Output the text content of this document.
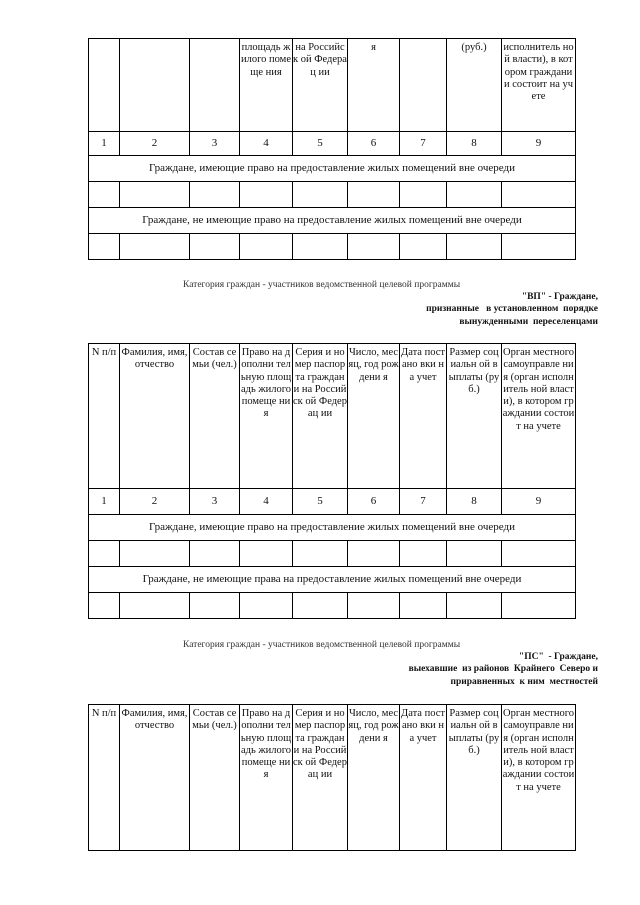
			площадь жилого помеще ния	на Российск ой Федерац ии	я		(руб.)	исполнитель ной власти), в котором граждании состоит на учете
1	2	3	4	5	6	7	8	9
Граждане, имеющие право на предоставление жилых помещений вне очереди								

Граждане, не имеющие право на предоставление жилых помещений вне очереди								

Категория граждан - участников ведомственной целевой программы
"ВП" - Граждане,
признанные   в установленном  порядке
вынужденными  переселенцами
N п/п	Фамилия, имя, отчество	Состав семьи (чел.)	Право на дополни тельную площадь жилого помеще ния	Серия и номер паспорта граждани на Российск ой Федерац ии	Число, месяц, год рождени я	Дата постано вки на учет	Размер социальн ой выплаты (руб.)	Орган местного самоуправле ния (орган исполнитель ной власти), в котором граждании состоит на учете
1	2	3	4	5	6	7	8	9
Граждане, имеющие право на предоставление жилых помещений вне очереди								

Граждане, не имеющие права на предоставление жилых помещений вне очереди								

Категория граждан - участников ведомственной целевой программы
"ПС"  - Граждане,
выехавшие  из районов  Крайнего  Северо и
приравненных  к ним  местностей
N п/п	Фамилия, имя, отчество	Состав семьи (чел.)	Право на дополни тельную площадь жилого помеще ния	Серия и номер паспорта граждани на Российск ой Федерац ии	Число, месяц, год рождени я	Дата постано вки на учет	Размер социальн ой выплаты (руб.)	Орган местного самоуправле ния (орган исполнитель ной власти), в котором граждании состоит на учете
